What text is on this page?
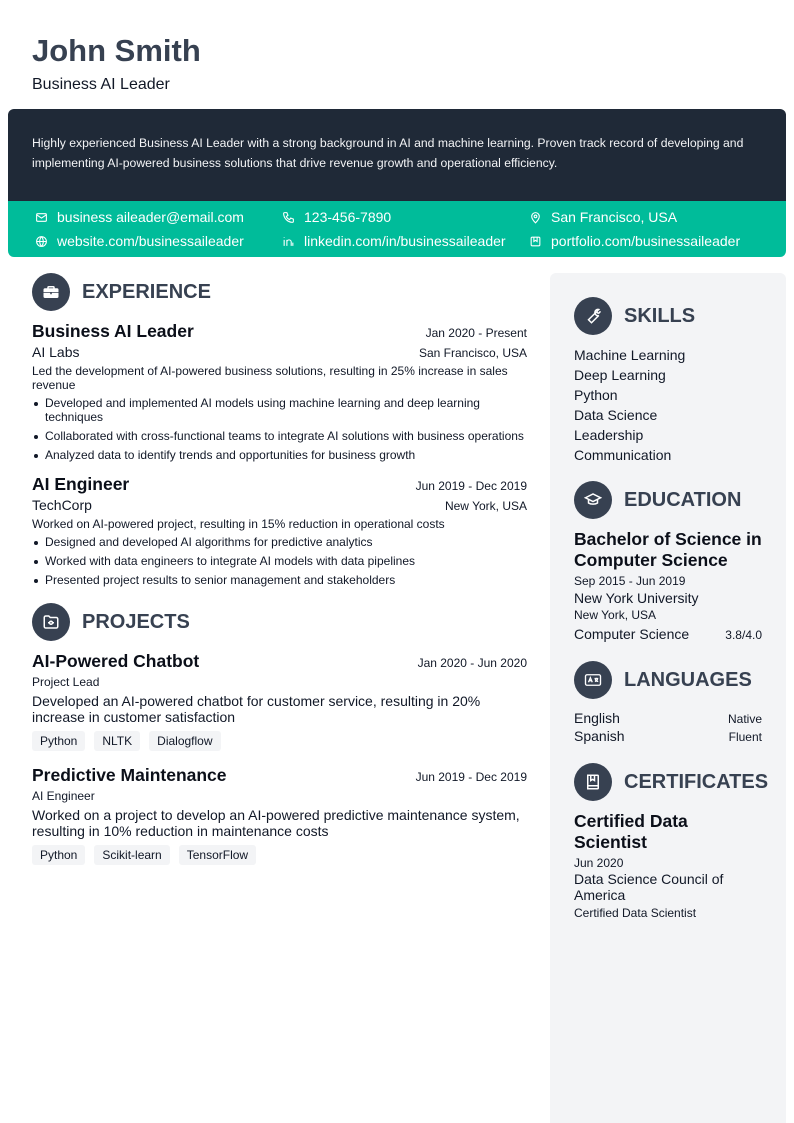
John Smith
Business AI Leader

Highly experienced Business AI Leader with a strong background in AI and machine learning. Proven track record of developing and implementing AI-powered business solutions that drive revenue growth and operational efficiency.

business aileader@email.com	123-456-7890	San Francisco, USA
website.com/businessaileader	linkedin.com/in/businessaileader	portfolio.com/businessaileader
EXPERIENCE
Business AI Leader	Jan 2020 - Present
AI Labs	San Francisco, USA
Led the development of AI-powered business solutions, resulting in 25% increase in sales revenue
Developed and implemented AI models using machine learning and deep learning techniques
Collaborated with cross-functional teams to integrate AI solutions with business operations
Analyzed data to identify trends and opportunities for business growth
AI Engineer	Jun 2019 - Dec 2019
TechCorp	New York, USA
Worked on AI-powered project, resulting in 15% reduction in operational costs
Designed and developed AI algorithms for predictive analytics
Worked with data engineers to integrate AI models with data pipelines
Presented project results to senior management and stakeholders
PROJECTS
AI-Powered Chatbot	Jan 2020 - Jun 2020
Project Lead
Developed an AI-powered chatbot for customer service, resulting in 20% increase in customer satisfaction
Python	NLTK	Dialogflow
Predictive Maintenance	Jun 2019 - Dec 2019
AI Engineer
Worked on a project to develop an AI-powered predictive maintenance system, resulting in 10% reduction in maintenance costs
Python	Scikit-learn	TensorFlow
SKILLS
Machine Learning
Deep Learning
Python
Data Science
Leadership
Communication
EDUCATION
Bachelor of Science in Computer Science
Sep 2015 - Jun 2019
New York University
New York, USA
Computer Science	3.8/4.0
LANGUAGES
English	Native
Spanish	Fluent
CERTIFICATES
Certified Data Scientist
Jun 2020
Data Science Council of America
Certified Data Scientist
